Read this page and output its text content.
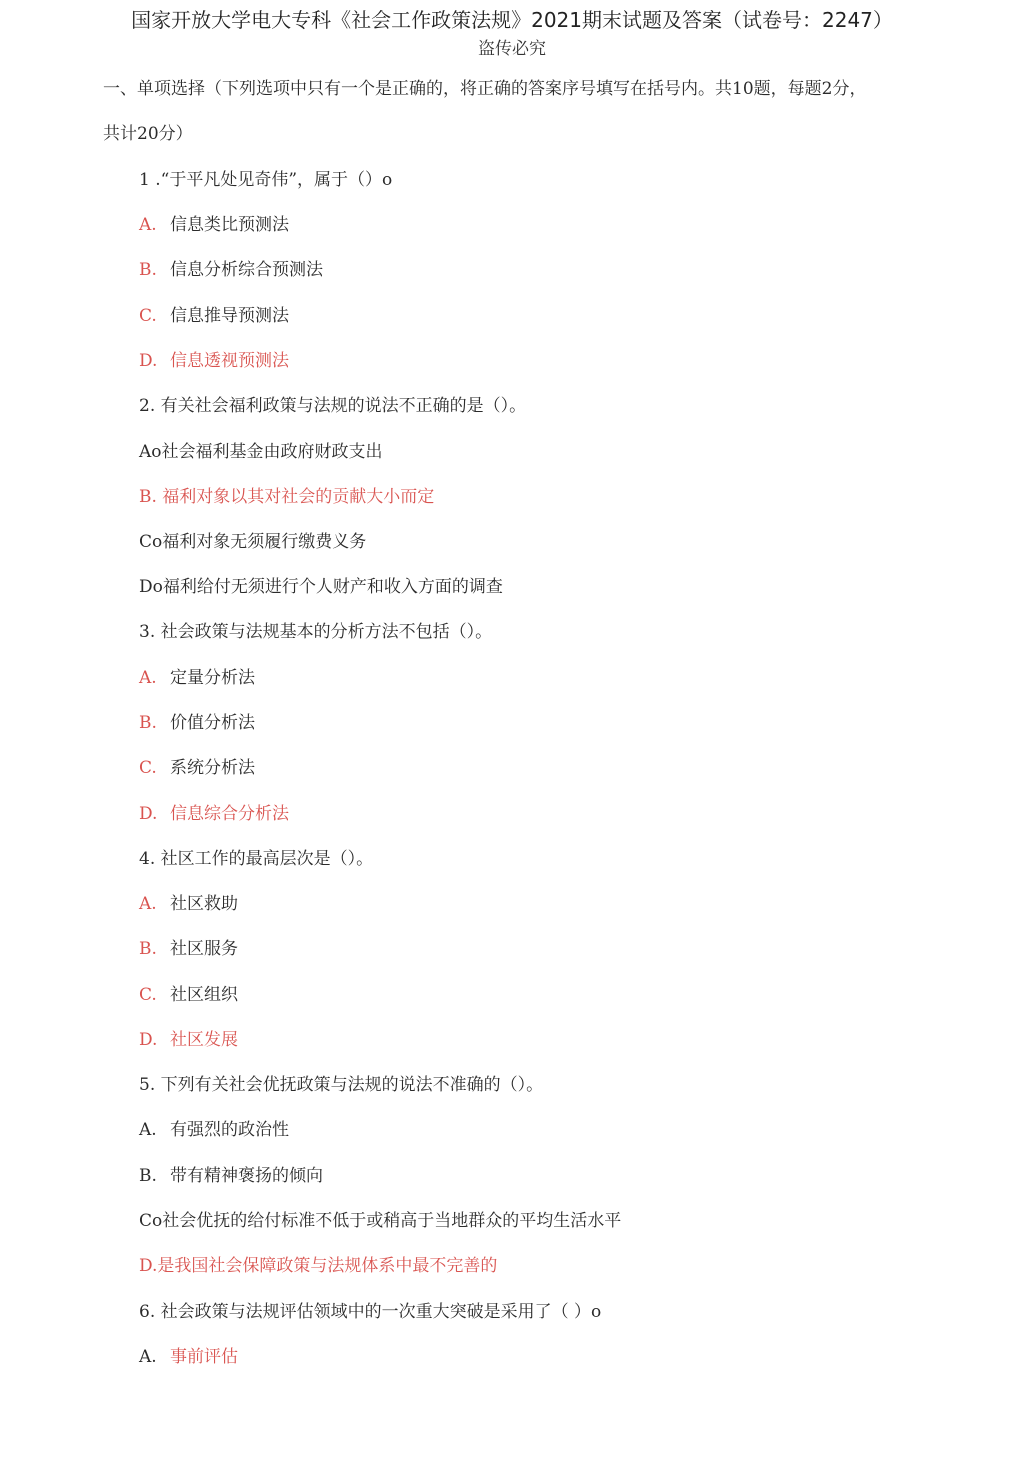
国家开放大学电大专科《社会工作政策法规》2021期末试题及答案（试卷号：2247）
盗传必究
一、单项选择（下列选项中只有一个是正确的，将正确的答案序号填写在括号内。共10题，每题2分，
共计20分）
1 .“于平凡处见奇伟”，属于（）o
A. 信息类比预测法
B. 信息分析综合预测法
C. 信息推导预测法
D. 信息透视预测法
2. 有关社会福利政策与法规的说法不正确的是（）。
Ao社会福利基金由政府财政支出
B. 福利对象以其对社会的贡献大小而定
Co福利对象无须履行缴费义务
Do福利给付无须进行个人财产和收入方面的调查
3. 社会政策与法规基本的分析方法不包括（）。
A. 定量分析法
B. 价值分析法
C. 系统分析法
D. 信息综合分析法
4. 社区工作的最高层次是（）。
A. 社区救助
B. 社区服务
C. 社区组织
D. 社区发展
5. 下列有关社会优抚政策与法规的说法不准确的（）。
A. 有强烈的政治性
B. 带有精神褒扬的倾向
Co社会优抚的给付标准不低于或稍高于当地群众的平均生活水平
D.是我国社会保障政策与法规体系中最不完善的
6. 社会政策与法规评估领域中的一次重大突破是采用了（ ）o
A. 事前评估
